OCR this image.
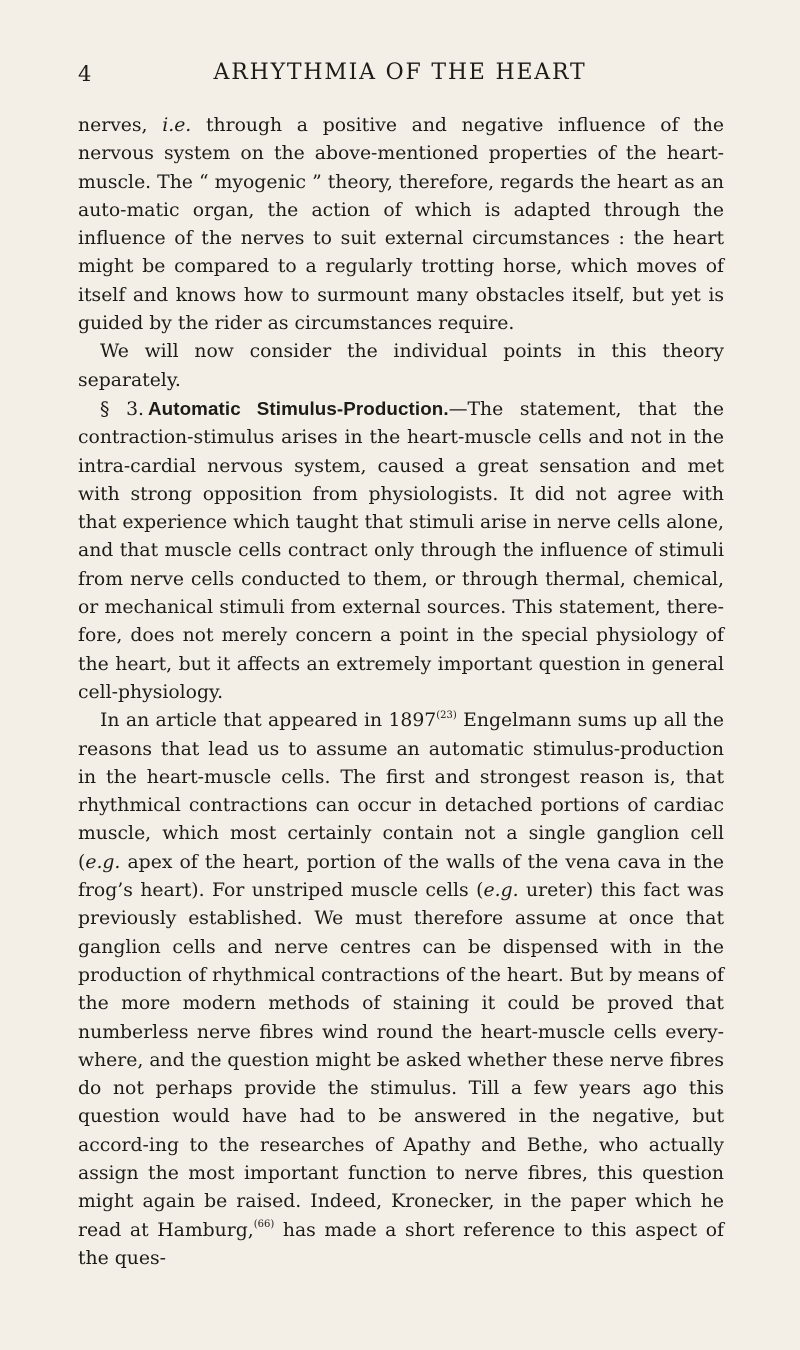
4	ARHYTHMIA OF THE HEART

nerves, i.e. through a positive and negative influence of the nervous system on the above-mentioned properties of the heart-muscle. The “ myogenic ” theory, therefore, regards the heart as an auto-matic organ, the action of which is adapted through the influence of the nerves to suit external circumstances : the heart might be compared to a regularly trotting horse, which moves of itself and knows how to surmount many obstacles itself, but yet is guided by the rider as circumstances require.

We will now consider the individual points in this theory separately.

§ 3. Automatic Stimulus-Production.—The statement, that the contraction-stimulus arises in the heart-muscle cells and not in the intra-cardial nervous system, caused a great sensation and met with strong opposition from physiologists. It did not agree with that experience which taught that stimuli arise in nerve cells alone, and that muscle cells contract only through the influence of stimuli from nerve cells conducted to them, or through thermal, chemical, or mechanical stimuli from external sources. This statement, there-fore, does not merely concern a point in the special physiology of the heart, but it affects an extremely important question in general cell-physiology.

In an article that appeared in 1897$^{(23)}$ Engelmann sums up all the reasons that lead us to assume an automatic stimulus-production in the heart-muscle cells. The first and strongest reason is, that rhythmical contractions can occur in detached portions of cardiac muscle, which most certainly contain not a single ganglion cell (e.g. apex of the heart, portion of the walls of the vena cava in the frog’s heart). For unstriped muscle cells (e.g. ureter) this fact was previously established. We must therefore assume at once that ganglion cells and nerve centres can be dispensed with in the production of rhythmical contractions of the heart. But by means of the more modern methods of staining it could be proved that numberless nerve fibres wind round the heart-muscle cells every-where, and the question might be asked whether these nerve fibres do not perhaps provide the stimulus. Till a few years ago this question would have had to be answered in the negative, but accord-ing to the researches of Apathy and Bethe, who actually assign the most important function to nerve fibres, this question might again be raised. Indeed, Kronecker, in the paper which he read at Hamburg,$^{(66)}$ has made a short reference to this aspect of the ques-
